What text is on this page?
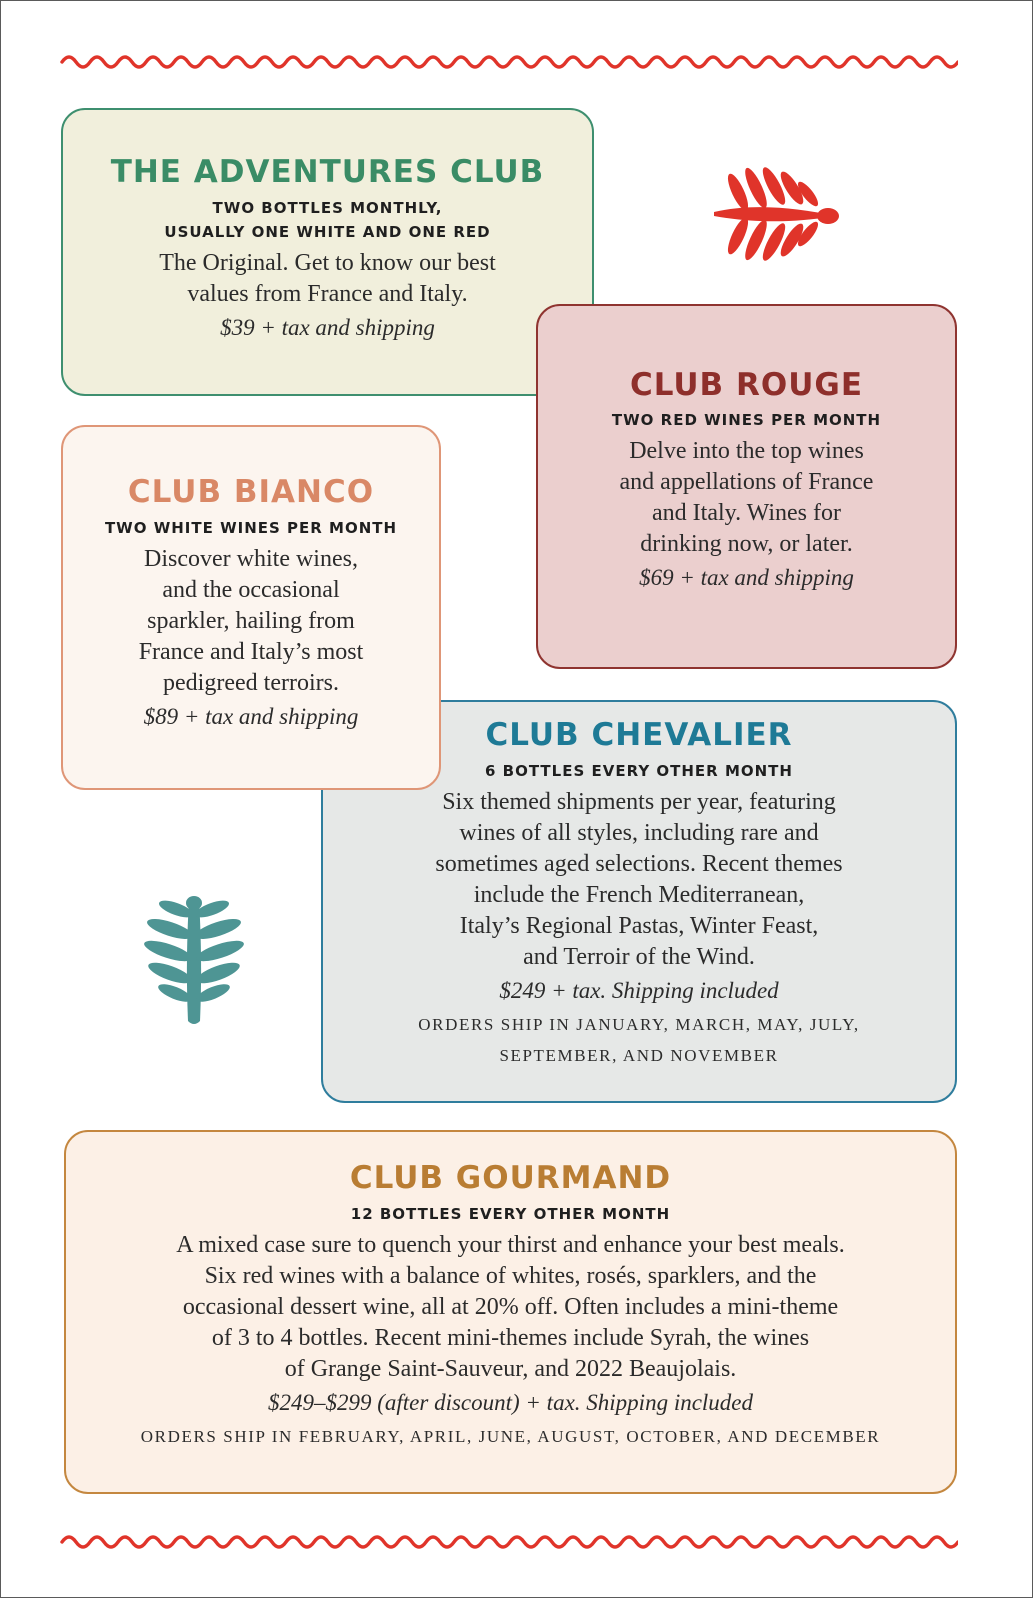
THE ADVENTURES CLUB
TWO BOTTLES MONTHLY,
USUALLY ONE WHITE AND ONE RED
The Original. Get to know our best
values from France and Italy.
$39 + tax and shipping
CLUB ROUGE
TWO RED WINES PER MONTH
Delve into the top wines
and appellations of France
and Italy. Wines for
drinking now, or later.
$69 + tax and shipping
CLUB BIANCO
TWO WHITE WINES PER MONTH
Discover white wines,
and the occasional
sparkler, hailing from
France and Italy’s most
pedigreed terroirs.
$89 + tax and shipping
CLUB CHEVALIER
6 BOTTLES EVERY OTHER MONTH
Six themed shipments per year, featuring
wines of all styles, including rare and
sometimes aged selections. Recent themes
include the French Mediterranean,
Italy’s Regional Pastas, Winter Feast,
and Terroir of the Wind.
$249 + tax. Shipping included
ORDERS SHIP IN JANUARY, MARCH, MAY, JULY,
SEPTEMBER, AND NOVEMBER
CLUB GOURMAND
12 BOTTLES EVERY OTHER MONTH
A mixed case sure to quench your thirst and enhance your best meals.
Six red wines with a balance of whites, rosés, sparklers, and the
occasional dessert wine, all at 20% off. Often includes a mini-theme
of 3 to 4 bottles. Recent mini-themes include Syrah, the wines
of Grange Saint-Sauveur, and 2022 Beaujolais.
$249–$299 (after discount) + tax. Shipping included
ORDERS SHIP IN FEBRUARY, APRIL, JUNE, AUGUST, OCTOBER, AND DECEMBER
